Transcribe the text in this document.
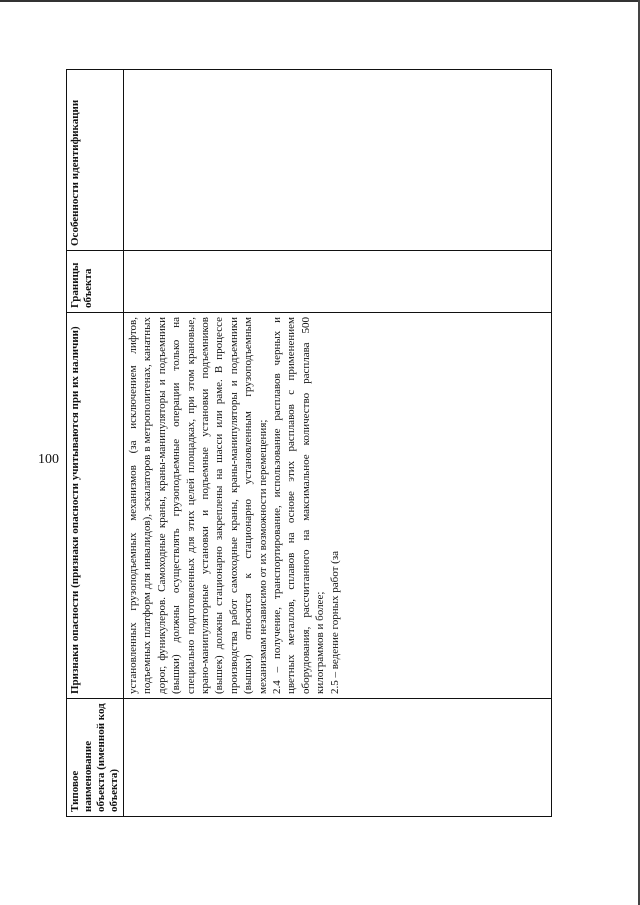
100
Типовое наименование объекта (именной код объекта)	Признаки опасности (признаки опасности учитываются при их наличии)	Границы объекта	Особенности идентификации

	установленных грузоподъемных механизмов (за исключением лифтов, подъемных платформ для инвалидов), эскалаторов в метрополитенах, канатных дорог, фуникулеров. Самоходные краны, краны-манипуляторы и подъемники (вышки) должны осуществлять грузоподъемные операции только на специально подготовленных для этих целей площадках, при этом крановые, крано-манипуляторные установки и подъемные установки подъемников (вышек) должны стационарно закреплены на шасси или раме. В процессе производства работ самоходные краны, краны-манипуляторы и подъемники (вышки) относятся к стационарно установленным грузоподъемным механизмам независимо от их возможности перемещения; 2.4 – получение, транспортирование, использование расплавов черных и цветных металлов, сплавов на основе этих расплавов с применением оборудования, рассчитанного на максимальное количество расплава 500 килограммов и более; 2.5 – ведение горных работ (за		
